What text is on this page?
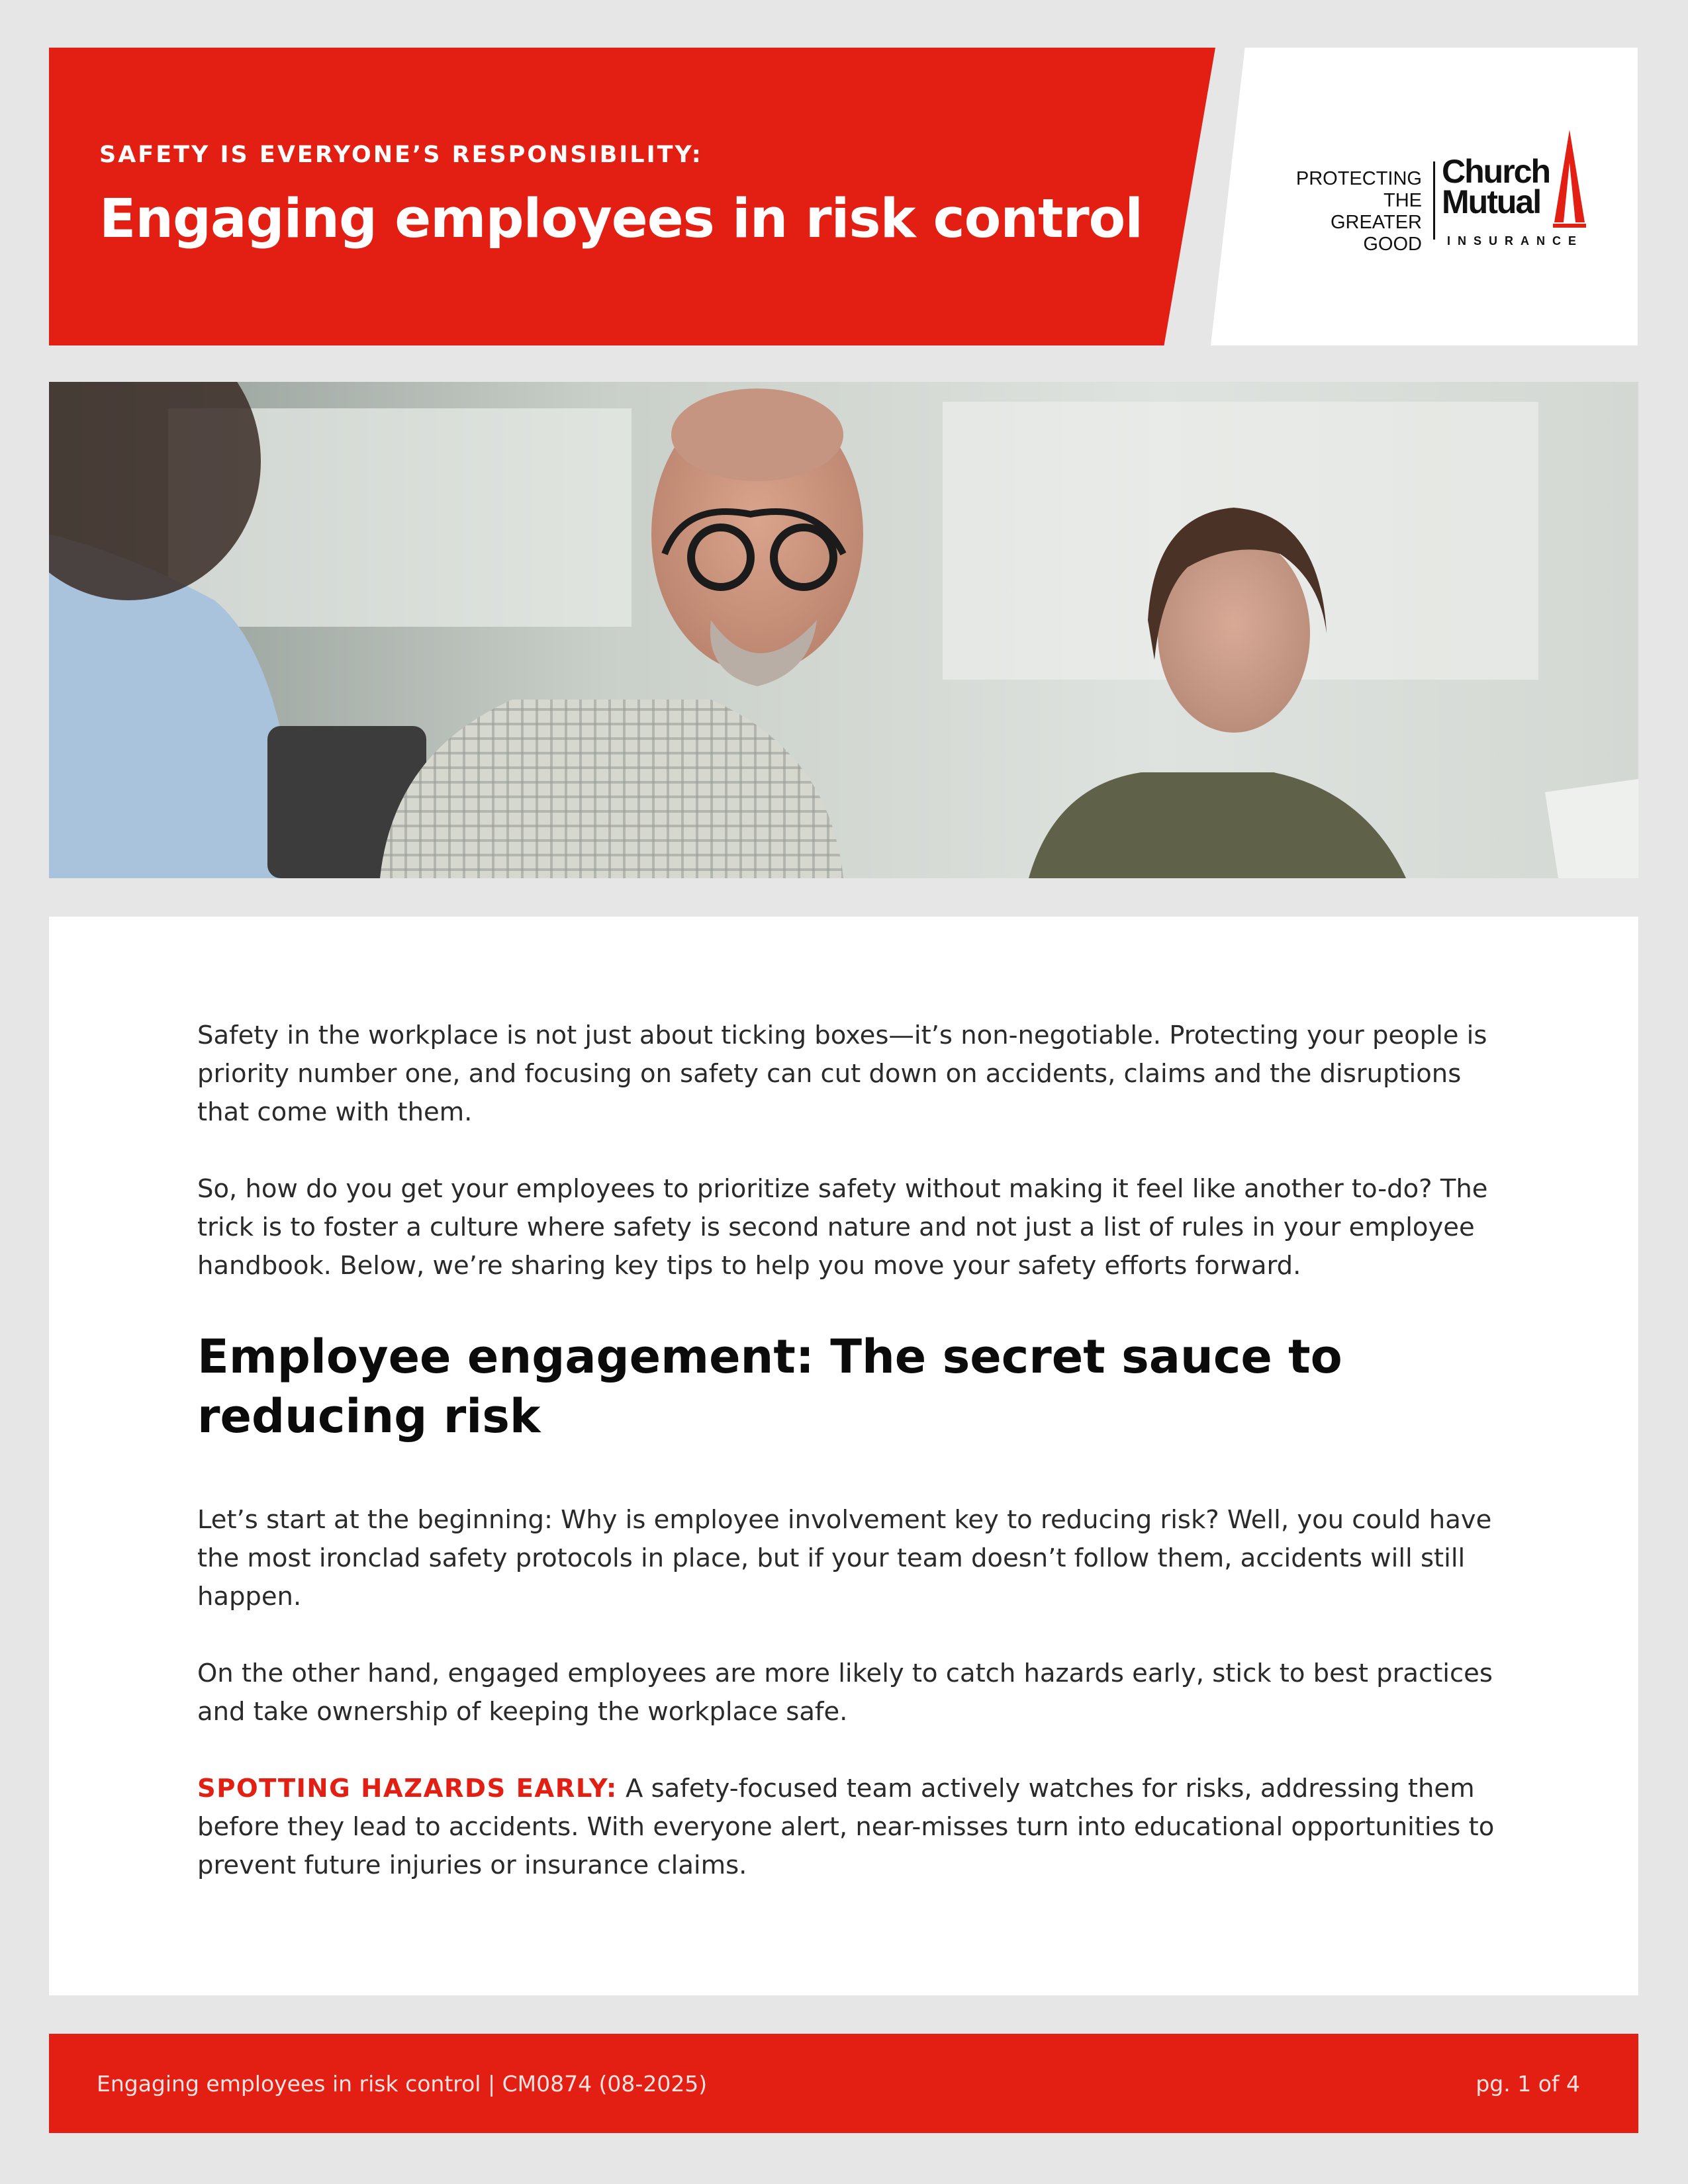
SAFETY IS EVERYONE’S RESPONSIBILITY:
Engaging employees in risk control
PROTECTING
THE GREATER
GOOD
Church
Mutual
INSURANCE

Safety in the workplace is not just about ticking boxes—it’s non-negotiable. Protecting your people is priority number one, and focusing on safety can cut down on accidents, claims and the disruptions that come with them.

So, how do you get your employees to prioritize safety without making it feel like another to-do? The trick is to foster a culture where safety is second nature and not just a list of rules in your employee handbook. Below, we’re sharing key tips to help you move your safety efforts forward.

Employee engagement: The secret sauce to reducing risk

Let’s start at the beginning: Why is employee involvement key to reducing risk? Well, you could have the most ironclad safety protocols in place, but if your team doesn’t follow them, accidents will still happen.

On the other hand, engaged employees are more likely to catch hazards early, stick to best practices and take ownership of keeping the workplace safe.

SPOTTING HAZARDS EARLY: A safety-focused team actively watches for risks, addressing them before they lead to accidents. With everyone alert, near-misses turn into educational opportunities to prevent future injuries or insurance claims.

Engaging employees in risk control | CM0874 (08-2025)	pg. 1 of 4
